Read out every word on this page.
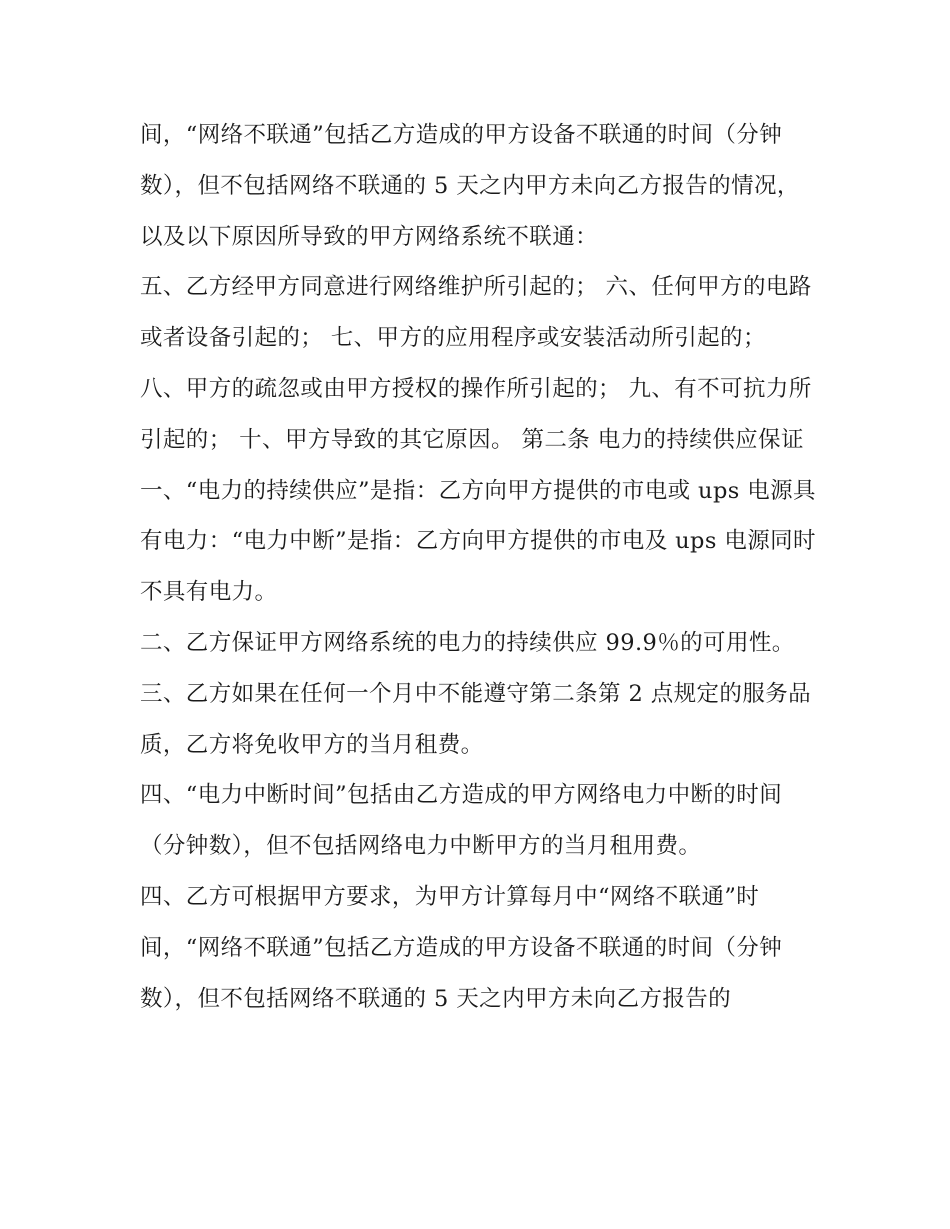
间，“网络不联通”包括乙方造成的甲方设备不联通的时间（分钟数），但不包括网络不联通的 5 天之内甲方未向乙方报告的情况，以及以下原因所导致的甲方网络系统不联通：

五、乙方经甲方同意进行网络维护所引起的； 六、任何甲方的电路或者设备引起的； 七、甲方的应用程序或安装活动所引起的；

八、甲方的疏忽或由甲方授权的操作所引起的； 九、有不可抗力所引起的； 十、甲方导致的其它原因。 第二条 电力的持续供应保证

一、“电力的持续供应”是指：乙方向甲方提供的市电或 ups 电源具有电力：“电力中断”是指：乙方向甲方提供的市电及 ups 电源同时不具有电力。

二、乙方保证甲方网络系统的电力的持续供应 99.9％的可用性。 三、乙方如果在任何一个月中不能遵守第二条第 2 点规定的服务品质，乙方将免收甲方的当月租费。

四、“电力中断时间”包括由乙方造成的甲方网络电力中断的时间（分钟数），但不包括网络电力中断甲方的当月租用费。

四、乙方可根据甲方要求，为甲方计算每月中“网络不联通”时间，“网络不联通”包括乙方造成的甲方设备不联通的时间（分钟数），但不包括网络不联通的 5 天之内甲方未向乙方报告的
